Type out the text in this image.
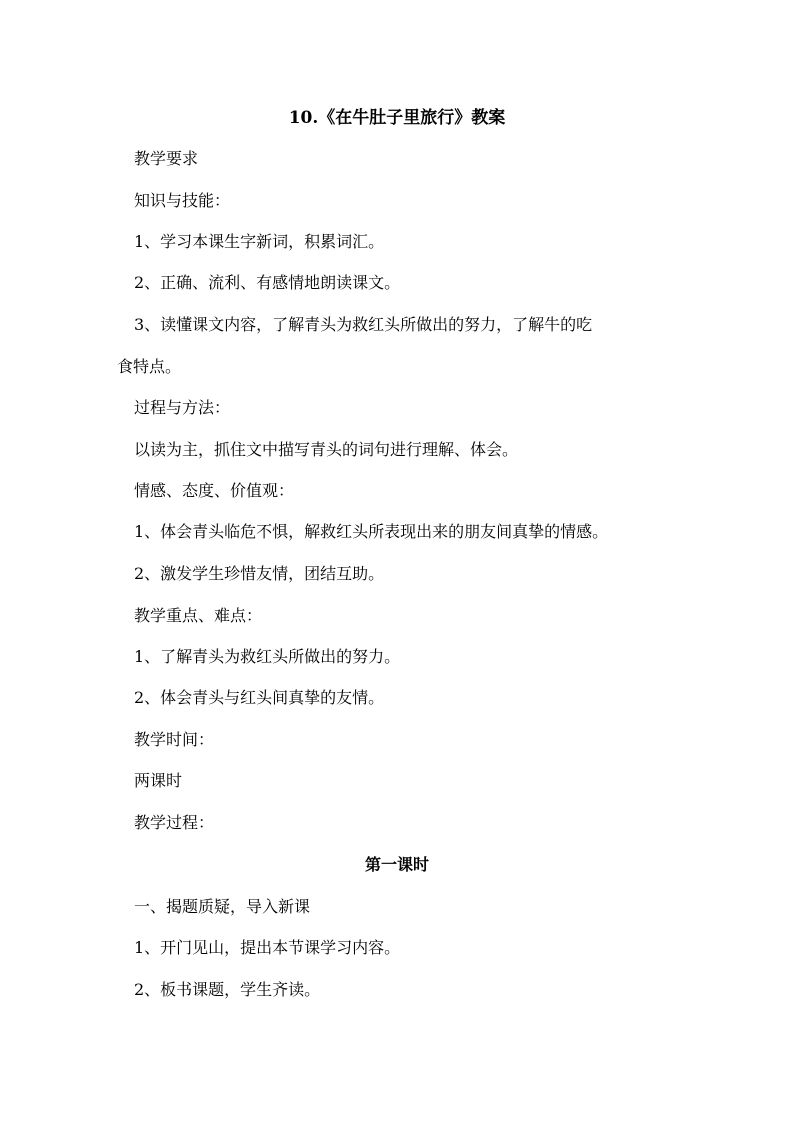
10.《在牛肚子里旅行》教案
教学要求
知识与技能：
1、学习本课生字新词，积累词汇。
2、正确、流利、有感情地朗读课文。
3、读懂课文内容，了解青头为救红头所做出的努力，了解牛的吃
食特点。
过程与方法：
以读为主，抓住文中描写青头的词句进行理解、体会。
情感、态度、价值观：
1、体会青头临危不惧，解救红头所表现出来的朋友间真挚的情感。
2、激发学生珍惜友情，团结互助。
教学重点、难点：
1、了解青头为救红头所做出的努力。
2、体会青头与红头间真挚的友情。
教学时间：
两课时
教学过程：
第一课时
一、揭题质疑，导入新课
1、开门见山，提出本节课学习内容。
2、板书课题，学生齐读。
